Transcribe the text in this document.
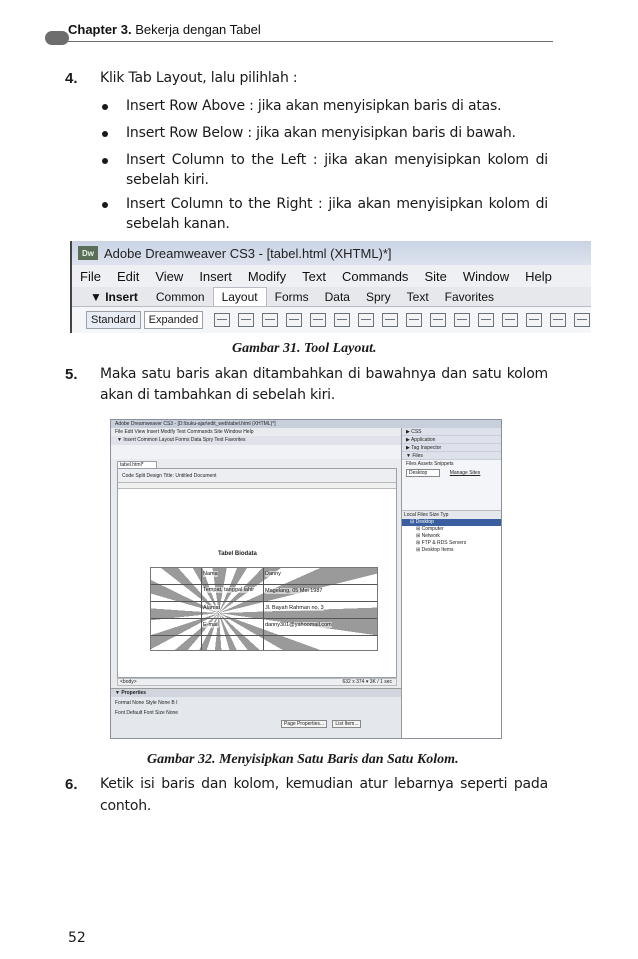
Chapter 3. Bekerja dengan Tabel
4. Klik Tab Layout, lalu pilihlah :
Insert Row Above : jika akan menyisipkan baris di atas.
Insert Row Below : jika akan menyisipkan baris di bawah.
Insert Column to the Left : jika akan menyisipkan kolom di
sebelah kiri.
Insert Column to the Right : jika akan menyisipkan kolom di
sebelah kanan.
Dw Adobe Dreamweaver CS3 - [tabel.html (XHTML)*]
File Edit View Insert Modify Text Commands Site Window Help
▼ Insert	Common	Layout	Forms	Data	Spry	Text	Favorites
Standard	Expanded
Gambar 31. Tool Layout.
5. Maka satu baris akan ditambahkan di bawahnya dan satu kolom
akan di tambahkan di sebelah kiri.
Adobe Dreamweaver CS3 - [D:\buku-ajar\edit_web\tabel.html (XHTML)*]
File Edit View Insert Modify Text Commands Site Window Help
▼ Insert Common Layout Forms Data Spry Text Favorites
tabel.html*
Code Split Design Title: Untitled Document
Tabel Biodata
Nama	Danny
Tempat, tanggal lahir	Magelang, 05 Mei 1987
Alamat	Jl. Bayah Rahman no. 3
E-mail	danny301@yahoomail.com
<body>	632 x 374 ▾ 3K / 1 sec
▼ Properties
Format None Style None B I
Font Default Font Size None
Page Properties... List Item...
▶ CSS
▶ Application
▶ Tag Inspector
▼ Files
Files Assets Snippets
Desktop	Manage Sites
Local Files Size Typ
⊟ Desktop
⊞ Computer
⊞ Network
⊞ FTP & RDS Servers
⊞ Desktop Items
Gambar 32. Menyisipkan Satu Baris dan Satu Kolom.
6. Ketik isi baris dan kolom, kemudian atur lebarnya seperti pada
contoh.
52
